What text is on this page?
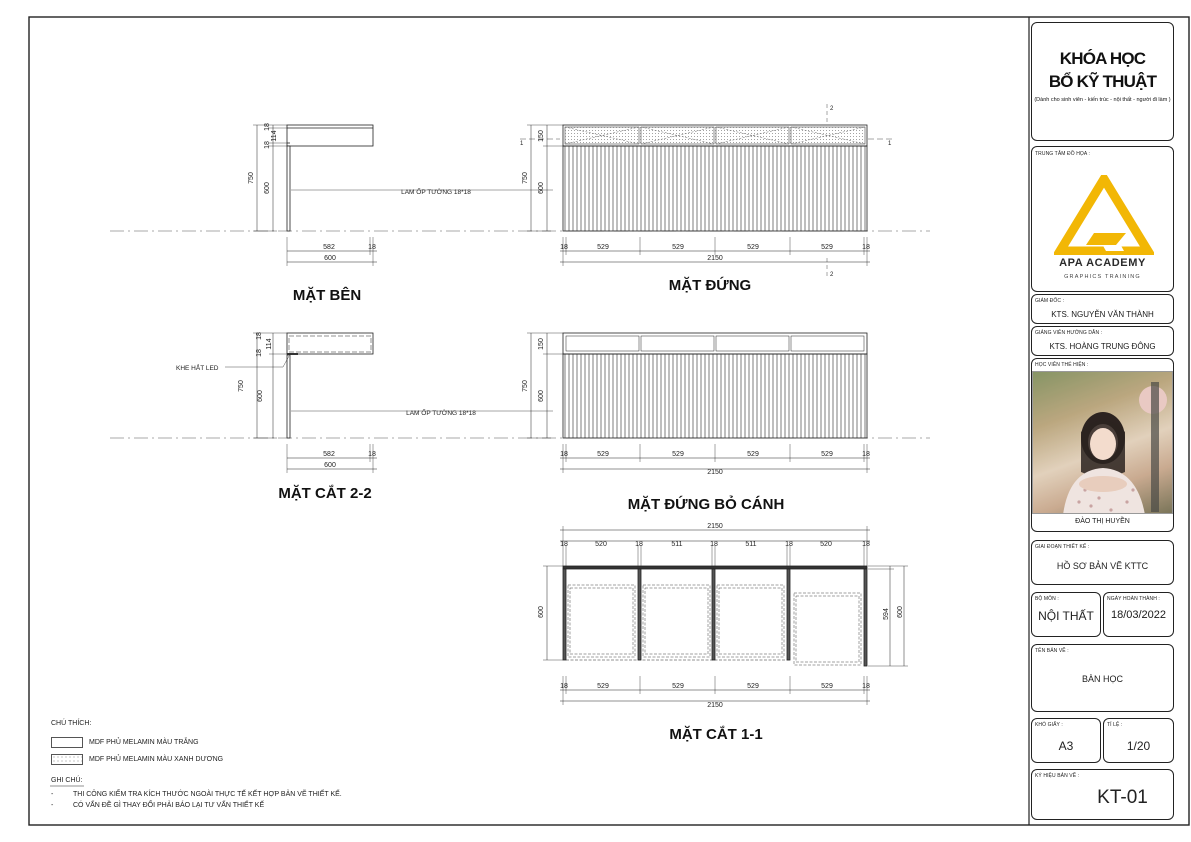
750
600
18
114
18
582	18
600
LAM ỐP TƯỜNG 18*18
MẶT BÊN
150
750
600
18	529	529	529	529	18
2150
1	1
2
2
MẶT ĐỨNG
750
600
18
114
18
582	18
600
KHE HẮT LED
LAM ỐP TƯỜNG 18*18
MẶT CẮT 2-2
150
750
600
18	529	529	529	529	18
2150
MẶT ĐỨNG BỎ CÁNH
2150
18	520	18	511	18	511	18	520	18
600	594 600
18	529	529	529	529	18
2150
MẶT CẮT 1-1
CHÚ THÍCH:
MDF PHỦ MELAMIN MÀU TRẮNG
MDF PHỦ MELAMIN MÀU XANH DƯƠNG
GHI CHÚ:
-	THI CÔNG KIỂM TRA KÍCH THƯỚC NGOÀI THỰC TẾ KẾT HỢP BẢN VẼ THIẾT KẾ.
-	CÓ VẤN ĐỀ GÌ THAY ĐỔI PHẢI BÁO LẠI TƯ VẤN THIẾT KẾ
KHÓA HỌC
BỔ KỸ THUẬT
(Dành cho sinh viên - kiến trúc - nội thất - người đi làm )
TRUNG TÂM ĐỒ HỌA :
APA ACADEMY
GRAPHICS TRAINING
GIÁM ĐỐC :
KTS. NGUYỄN VĂN THÀNH
GIẢNG VIÊN HƯỚNG DẪN :
KTS. HOÀNG TRUNG ĐÔNG
HỌC VIÊN THỂ HIỆN :
ĐÀO THỊ HUYỀN
GIAI ĐOẠN THIẾT KẾ :
HỒ SƠ BẢN VẼ KTTC
BỘ MÔN :
NỘI THẤT
NGÀY HOÀN THÀNH :
18/03/2022
TÊN BẢN VẼ :
BÀN HỌC
KHỔ GIẤY :
A3
TỈ LỆ :
1/20
KÝ HIỆU BẢN VẼ :
KT-01
